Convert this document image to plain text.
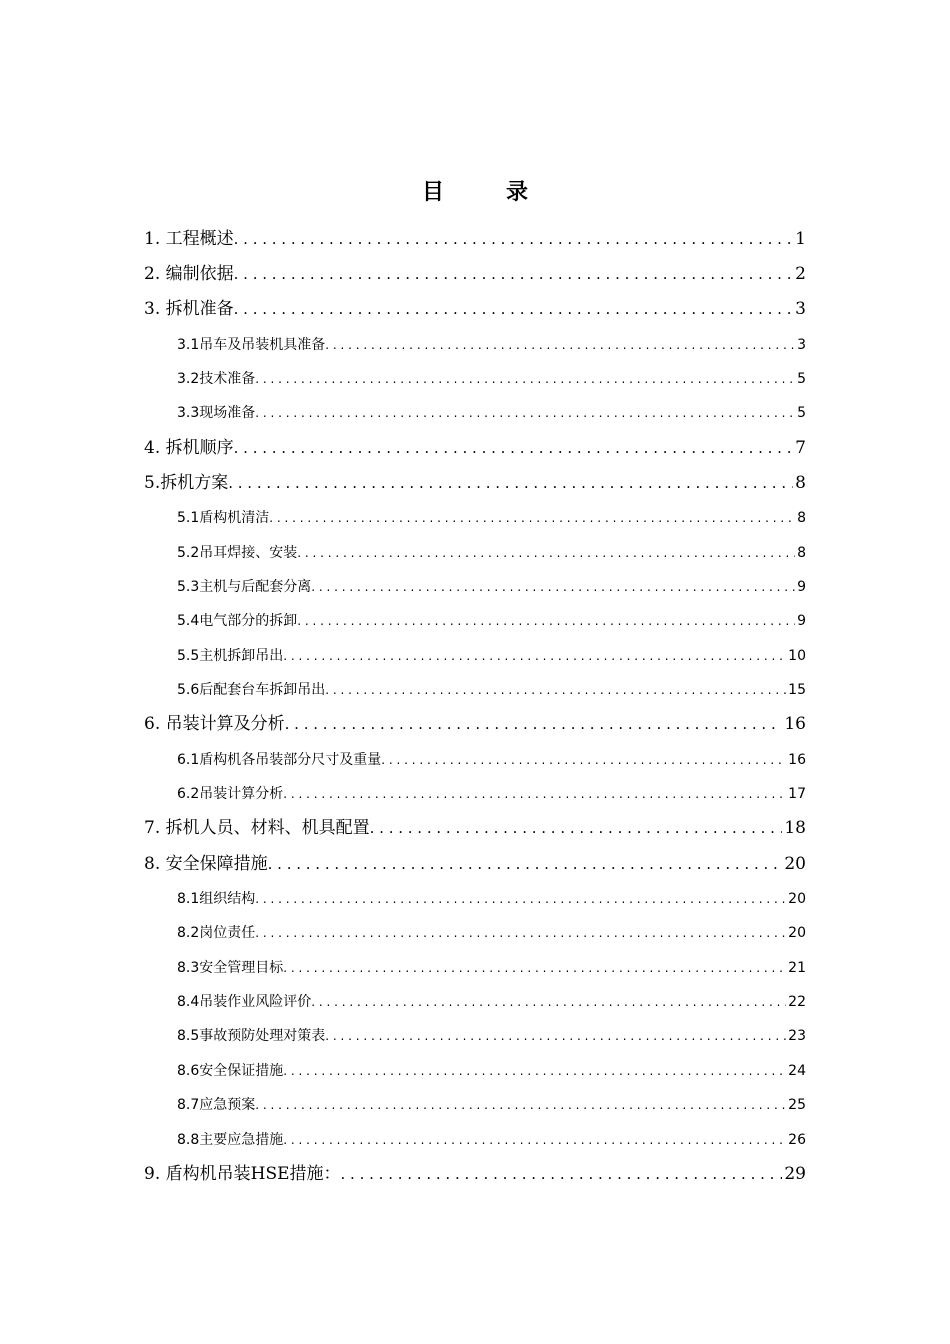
目　录
1. 工程概述 . . .	1
2. 编制依据 . . .	2
3. 拆机准备 . . .	3
3.1吊车及吊装机具准备 . . .	3
3.2技术准备 . . .	5
3.3现场准备 . . .	5
4. 拆机顺序 . . .	7
5.拆机方案 . . .	8
5.1盾构机清洁 . . .	8
5.2吊耳焊接、安装 . . .	8
5.3主机与后配套分离 . . .	9
5.4电气部分的拆卸 . . .	9
5.5主机拆卸吊出 . . .	10
5.6后配套台车拆卸吊出 . . .	15
6. 吊装计算及分析 . . .	16
6.1盾构机各吊装部分尺寸及重量 . . .	16
6.2吊装计算分析 . . .	17
7. 拆机人员、材料、机具配置 . . .	18
8. 安全保障措施 . . .	20
8.1组织结构 . . .	20
8.2岗位责任 . . .	20
8.3安全管理目标 . . .	21
8.4吊装作业风险评价 . . .	22
8.5事故预防处理对策表 . . .	23
8.6安全保证措施 . . .	24
8.7应急预案 . . .	25
8.8主要应急措施 . . .	26
9. 盾构机吊装HSE措施： . . .	29
